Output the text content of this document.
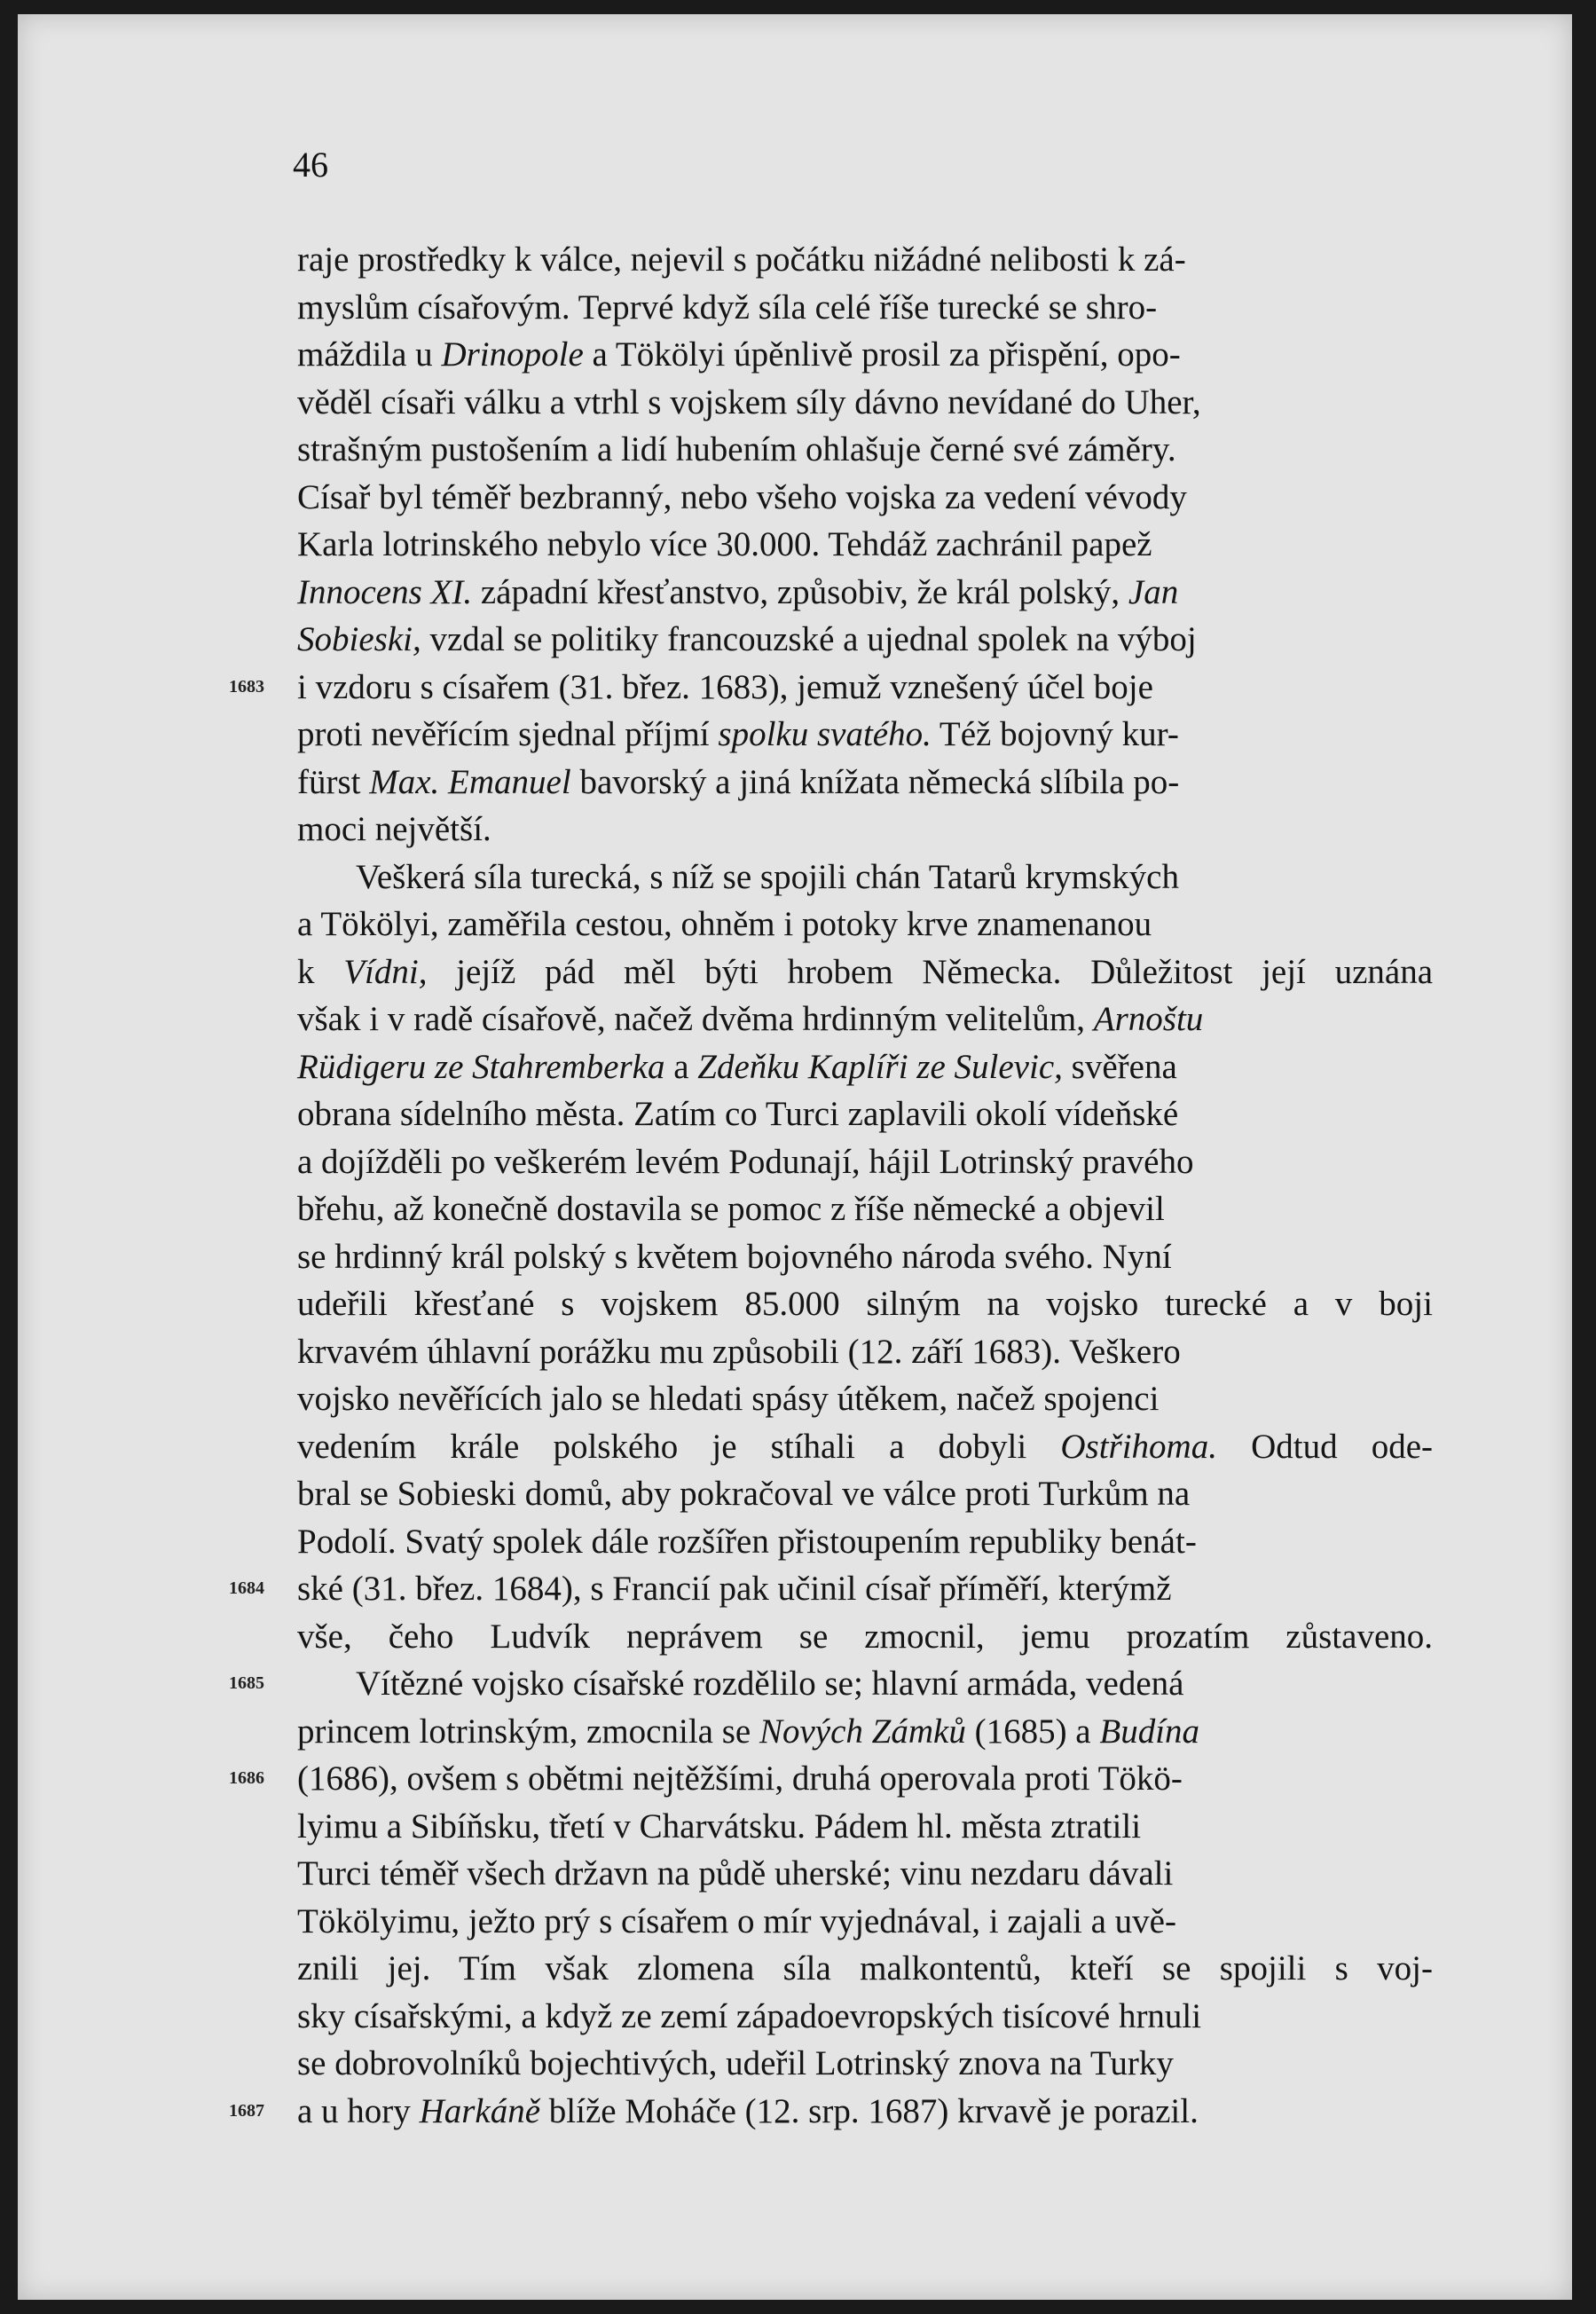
46
raje prostředky k válce, nejevil s počátku nižádné nelibosti k zá-
myslům císařovým. Teprvé když síla celé říše turecké se shro-
máždila u Drinopole a Tökölyi úpěnlivě prosil za přispění, opo-
věděl císaři válku a vtrhl s vojskem síly dávno nevídané do Uher,
strašným pustošením a lidí hubením ohlašuje černé své záměry.
Císař byl téměř bezbranný, nebo všeho vojska za vedení vévody
Karla lotrinského nebylo více 30.000. Tehdáž zachránil papež
Innocens XI. západní křesťanstvo, způsobiv, že král polský, Jan
Sobieski, vzdal se politiky francouzské a ujednal spolek na výboj
1683 i vzdoru s císařem (31. břez. 1683), jemuž vznešený účel boje
proti nevěřícím sjednal příjmí spolku svatého. Též bojovný kur-
fürst Max. Emanuel bavorský a jiná knížata německá slíbila po-
moci největší.
Veškerá síla turecká, s níž se spojili chán Tatarů krymských
a Tökölyi, zaměřila cestou, ohněm i potoky krve znamenanou
k Vídni, jejíž pád měl býti hrobem Německa. Důležitost její uznána
však i v radě císařově, načež dvěma hrdinným velitelům, Arnoštu
Rüdigeru ze Stahremberka a Zdeňku Kaplíři ze Sulevic, svěřena
obrana sídelního města. Zatím co Turci zaplavili okolí vídeňské
a dojížděli po veškerém levém Podunají, hájil Lotrinský pravého
břehu, až konečně dostavila se pomoc z říše německé a objevil
se hrdinný král polský s květem bojovného národa svého. Nyní
udeřili křesťané s vojskem 85.000 silným na vojsko turecké a v boji
krvavém úhlavní porážku mu způsobili (12. září 1683). Veškero
vojsko nevěřících jalo se hledati spásy útěkem, načež spojenci
vedením krále polského je stíhali a dobyli Ostřihoma. Odtud ode-
bral se Sobieski domů, aby pokračoval ve válce proti Turkům na
Podolí. Svatý spolek dále rozšířen přistoupením republiky benát-
1684 ské (31. břez. 1684), s Francií pak učinil císař příměří, kterýmž
vše, čeho Ludvík neprávem se zmocnil, jemu prozatím zůstaveno.
1685	Vítězné vojsko císařské rozdělilo se; hlavní armáda, vedená
princem lotrinským, zmocnila se Nových Zámků (1685) a Budína
1686 (1686), ovšem s obětmi nejtěžšími, druhá operovala proti Tökö-
lyimu a Sibíňsku, třetí v Charvátsku. Pádem hl. města ztratili
Turci téměř všech državn na půdě uherské; vinu nezdaru dávali
Tökölyimu, ježto prý s císařem o mír vyjednával, i zajali a uvě-
znili jej. Tím však zlomena síla malkontentů, kteří se spojili s voj-
sky císařskými, a když ze zemí západoevropských tisícové hrnuli
se dobrovolníků bojechtivých, udeřil Lotrinský znova na Turky
1687 a u hory Harkáně blíže Moháče (12. srp. 1687) krvavě je porazil.
